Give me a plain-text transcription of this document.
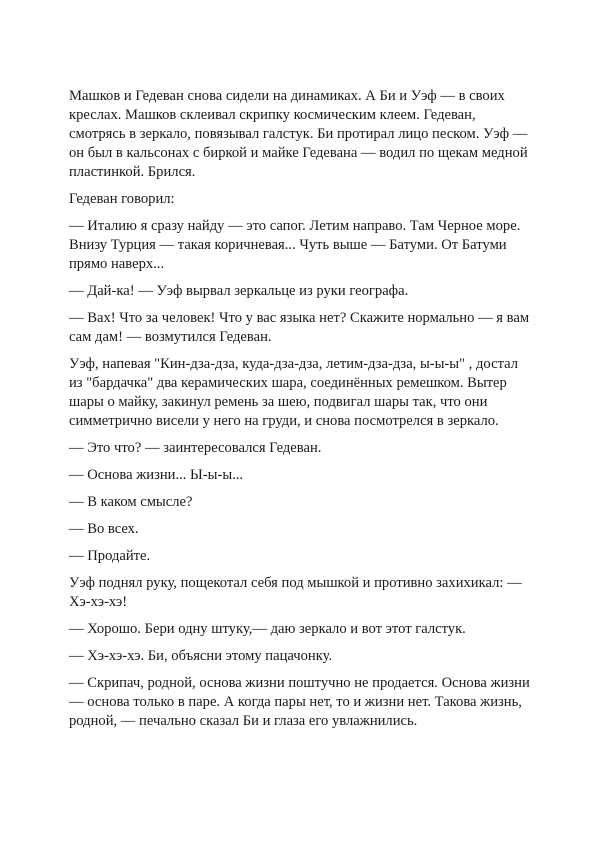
Машков и Гедеван снова сидели на динамиках. А Би и Уэф — в своих креслах. Машков склеивал скрипку космическим клеем. Гедеван, смотрясь в зеркало, повязывал галстук. Би протирал лицо песком. Уэф — он был в кальсонах с биркой и майке Гедевана — водил по щекам медной пластинкой. Брился.

Гедеван говорил:

— Италию я сразу найду — это сапог. Летим направо. Там Черное море. Внизу Турция — такая коричневая... Чуть выше — Батуми. От Батуми прямо наверх...

— Дай-ка! — Уэф вырвал зеркальце из руки географа.

— Вах! Что за человек! Что у вас языка нет? Скажите нормально — я вам сам дам! — возмутился Гедеван.

Уэф, напевая "Кин-дза-дза, куда-дза-дза, летим-дза-дза, ы-ы-ы" , достал из "бардачка" два керамических шара, соединённых ремешком. Вытер шары о майку, закинул ремень за шею, подвигал шары так, что они симметрично висели у него на груди, и снова посмотрелся в зеркало.

— Это что? — заинтересовался Гедеван.

— Основа жизни... Ы-ы-ы...

— В каком смысле?

— Во всех.

— Продайте.

Уэф поднял руку, пощекотал себя под мышкой и противно захихикал: — Хэ-хэ-хэ!

— Хорошо. Бери одну штуку,— даю зеркало и вот этот галстук.

— Хэ-хэ-хэ. Би, объясни этому пацачонку.

— Скрипач, родной, основа жизни поштучно не продается. Основа жизни — основа только в паре. А когда пары нет, то и жизни нет. Такова жизнь, родной, — печально сказал Би и глаза его увлажнились.
